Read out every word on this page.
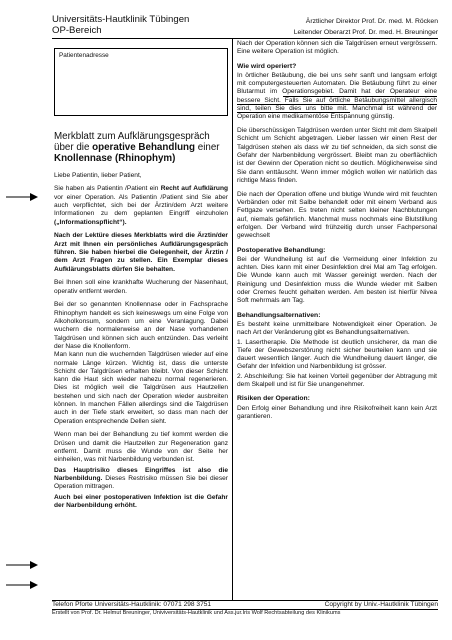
Universitäts-Hautklinik Tübingen
OP-Bereich
Ärztlicher Direktor Prof. Dr. med. M. Röcken
Leitender Oberarzt Prof. Dr. med. H. Breuninger
Patientenadresse
Merkblatt zum Aufklärungsgespräch über die operative Behandlung einer Knollennase (Rhinophym)

Liebe Patientin, lieber Patient,

Sie haben als Patientin /Patient ein Recht auf Aufklärung vor einer Operation. Als Patientin /Patient sind Sie aber auch verpflichtet, sich bei der Ärztin/dem Arzt weitere Informationen zu dem geplanten Eingriff einzuholen („Informationspflicht“).

Nach der Lektüre dieses Merkblatts wird die Ärztin/der Arzt mit Ihnen ein persönliches Aufklärungsgespräch führen. Sie haben hierbei die Gelegenheit, der Ärztin / dem Arzt Fragen zu stellen. Ein Exemplar dieses Aufklärungsblatts dürfen Sie behalten.

Bei Ihnen soll eine krankhafte Wucherung der Nasenhaut, operativ entfernt werden.

Bei der so genannten Knollennase oder in Fachsprache Rhinophym handelt es sich keineswegs um eine Folge von Alkoholkonsum, sondern um eine Veranlagung. Dabei wuchern die normalerweise an der Nase vorhandenen Talgdrüsen und können sich auch entzünden. Das verleiht der Nase die Knollenform.

Man kann nun die wuchernden Talgdrüsen wieder auf eine normale Länge kürzen. Wichtig ist, dass die unterste Schicht der Talgdrüsen erhalten bleibt. Von dieser Schicht kann die Haut sich wieder nahezu normal regenerieren. Dies ist möglich weil die Talgdrüsen aus Hautzellen bestehen und sich nach der Operation wieder ausbreiten können. In manchen Fällen allerdings sind die Talgdrüsen auch in der Tiefe stark erweitert, so dass man nach der Operation entsprechende Dellen sieht.

Wenn man bei der Behandlung zu tief kommt werden die Drüsen und damit die Hautzellen zur Regeneration ganz entfernt. Damit muss die Wunde von der Seite her einheilen, was mit Narbenbildung verbunden ist.

Das Hauptrisiko dieses Eingriffes ist also die Narbenbildung. Dieses Restrisiko müssen Sie bei dieser Operation mittragen.

Auch bei einer postoperativen Infektion ist die Gefahr der Narbenbildung erhöht.

Nach der Operation können sich die Talgdrüsen erneut vergrössern. Eine weitere Operation ist möglich.

Wie wird operiert?

In örtlicher Betäubung, die bei uns sehr sanft und langsam erfolgt mit computergesteuerten Automaten. Die Betäubung führt zu einer Blutarmut im Operationsgebiet. Damit hat der Operateur eine bessere Sicht. Falls Sie auf örtliche Betäubungsmittel allergisch sind, teilen Sie dies uns bitte mit. Manchmal ist während der Operation eine medikamentöse Entspannung günstig.

Die überschüssigen Talgdrüsen werden unter Sicht mit dem Skalpell Schicht um Schicht abgetragen. Lieber lassen wir einen Rest der Talgdrüsen stehen als dass wir zu tief schneiden, da sich sonst die Gefahr der Narbenbildung vergrössert. Bleibt man zu oberflächlich ist der Gewinn der Operation nicht so deutlich. Möglicherweise sind Sie dann enttäuscht. Wenn immer möglich wollen wir natürlich das richtige Mass finden.

Die nach der Operation offene und blutige Wunde wird mit feuchten Verbänden oder mit Salbe behandelt oder mit einem Verband aus Fettgaze versehen. Es treten nicht selten kleiner Nachblutungen auf, niemals gefährlich. Manchmal muss nochmals eine Blutstillung erfolgen. Der Verband wird frühzeitig durch unser Fachpersonal gewechselt

Postoperative Behandlung:

Bei der Wundheilung ist auf die Vermeidung einer Infektion zu achten. Dies kann mit einer Desinfektion drei Mal am Tag erfolgen. Die Wunde kann auch mit Wasser gereinigt werden. Nach der Reinigung und Desinfektion muss die Wunde wieder mit Salben oder Cremes feucht gehalten werden. Am besten ist hierfür Nivea Soft mehrmals am Tag.

Behandlungsalternativen:

Es besteht keine unmittelbare Notwendigkeit einer Operation. Je nach Art der Veränderung gibt es Behandlungsalternativen.

1. Lasertherapie. Die Methode ist deutlich unsicherer, da man die Tiefe der Gewebszerstörung nicht sicher beurteilen kann und sie dauert wesentlich länger. Auch die Wundheilung dauert länger, die Gefahr der Infektion und Narbenbildung ist grösser.

2. Abschleifung: Sie hat keinen Vorteil gegenüber der Abtragung mit dem Skalpell und ist für Sie unangenehmer.

Risiken der Operation:

Den Erfolg einer Behandlung und ihre Risikofreiheit kann kein Arzt garantieren.

Telefon Pforte Universitäts-Hautklinik: 07071 298 3751	Copyright by Univ.-Hautklinik Tübingen
Erstellt von Prof. Dr. Helmut Breuninger, Univiversitäts-Hautklinik und Ass.jur.Iris Wolf Rechtsabteilung des Klinikums
